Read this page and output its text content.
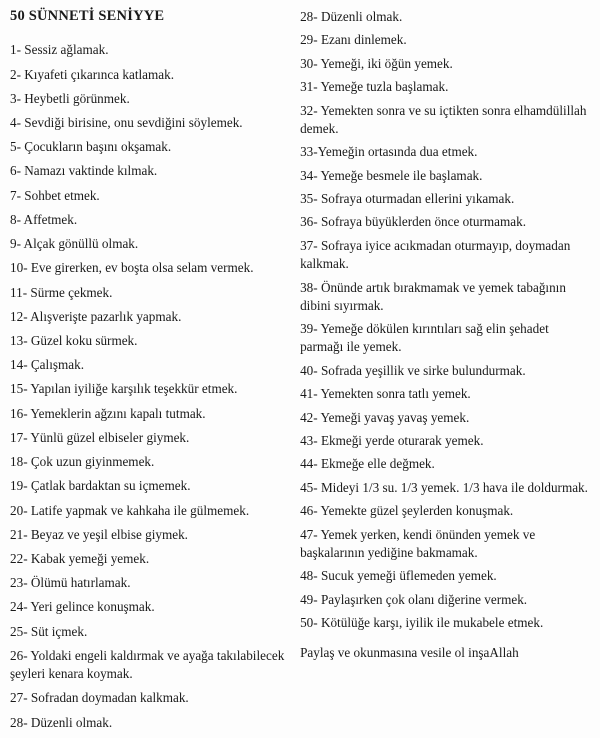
50 SÜNNETİ SENİYYE
1- Sessiz ağlamak.
2- Kıyafeti çıkarınca katlamak.
3- Heybetli görünmek.
4- Sevdiği birisine, onu sevdiğini söylemek.
5- Çocukların başını okşamak.
6- Namazı vaktinde kılmak.
7- Sohbet etmek.
8- Affetmek.
9- Alçak gönüllü olmak.
10- Eve girerken, ev boşta olsa selam vermek.
11- Sürme çekmek.
12- Alışverişte pazarlık yapmak.
13- Güzel koku sürmek.
14- Çalışmak.
15- Yapılan iyiliğe karşılık teşekkür etmek.
16- Yemeklerin ağzını kapalı tutmak.
17- Yünlü güzel elbiseler giymek.
18- Çok uzun giyinmemek.
19- Çatlak bardaktan su içmemek.
20- Latife yapmak ve kahkaha ile gülmemek.
21- Beyaz ve yeşil elbise giymek.
22- Kabak yemeği yemek.
23- Ölümü hatırlamak.
24- Yeri gelince konuşmak.
25- Süt içmek.
26- Yoldaki engeli kaldırmak ve ayağa takılabilecek şeyleri kenara koymak.
27- Sofradan doymadan kalkmak.
28- Düzenli olmak.
28- Düzenli olmak.
29- Ezanı dinlemek.
30- Yemeği, iki öğün yemek.
31- Yemeğe tuzla başlamak.
32- Yemekten sonra ve su içtikten sonra elhamdülillah demek.
33-Yemeğin ortasında dua etmek.
34- Yemeğe besmele ile başlamak.
35- Sofraya oturmadan ellerini yıkamak.
36- Sofraya büyüklerden önce oturmamak.
37- Sofraya iyice acıkmadan oturmayıp, doymadan kalkmak.
38- Önünde artık bırakmamak ve yemek tabağının dibini sıyırmak.
39- Yemeğe dökülen kırıntıları sağ elin şehadet parmağı ile yemek.
40- Sofrada yeşillik ve sirke bulundurmak.
41- Yemekten sonra tatlı yemek.
42- Yemeği yavaş yavaş yemek.
43- Ekmeği yerde oturarak yemek.
44- Ekmeğe elle değmek.
45- Mideyi 1/3 su. 1/3 yemek. 1/3 hava ile doldurmak.
46- Yemekte güzel şeylerden konuşmak.
47- Yemek yerken, kendi önünden yemek ve başkalarının yediğine bakmamak.
48- Sucuk yemeği üflemeden yemek.
49- Paylaşırken çok olanı diğerine vermek.
50- Kötülüğe karşı, iyilik ile mukabele etmek.
Paylaş ve okunmasına vesile ol inşaAllah
